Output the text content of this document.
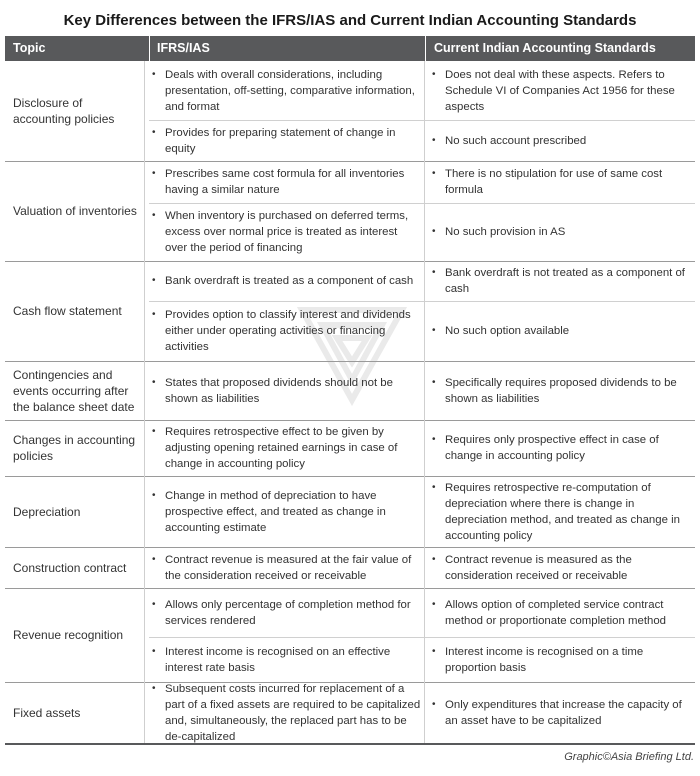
Key Differences between the IFRS/IAS and Current Indian Accounting Standards
Topic	IFRS/IAS	Current Indian Accounting Standards
Disclosure of accounting policies
• Deals with overall considerations, including presentation, off-setting, comparative information, and format
• Does not deal with these aspects. Refers to Schedule VI of Companies Act 1956 for these aspects
• Provides for preparing statement of change in equity
• No such account prescribed
Valuation of inventories
• Prescribes same cost formula for all inventories having a similar nature
• There is no stipulation for use of same cost formula
• When inventory is purchased on deferred terms, excess over normal price is treated as interest over the period of financing
• No such provision in AS
Cash flow statement
• Bank overdraft is treated as a component of cash
• Bank overdraft is not treated as a component of cash
• Provides option to classify interest and dividends either under operating activities or financing activities
• No such option available
Contingencies and events occurring after the balance sheet date
• States that proposed dividends should not be shown as liabilities
• Specifically requires proposed dividends to be shown as liabilities
Changes in accounting policies
• Requires retrospective effect to be given by adjusting opening retained earnings in case of change in accounting policy
• Requires only prospective effect in case of change in accounting policy
Depreciation
• Change in method of depreciation to have prospective effect, and treated as change in accounting estimate
• Requires retrospective re-computation of depreciation where there is change in depreciation method, and treated as change in accounting policy
Construction contract
• Contract revenue is measured at the fair value of the consideration received or receivable
• Contract revenue is measured as the consideration received or receivable
Revenue recognition
• Allows only percentage of completion method for services rendered
• Allows option of completed service contract method or proportionate completion method
• Interest income is recognised on an effective interest rate basis
• Interest income is recognised on a time proportion basis
Fixed assets
• Subsequent costs incurred for replacement of a part of a fixed assets are required to be capitalized and, simultaneously, the replaced part has to be de-capitalized
• Only expenditures that increase the capacity of an asset have to be capitalized
Graphic©Asia Briefing Ltd.
